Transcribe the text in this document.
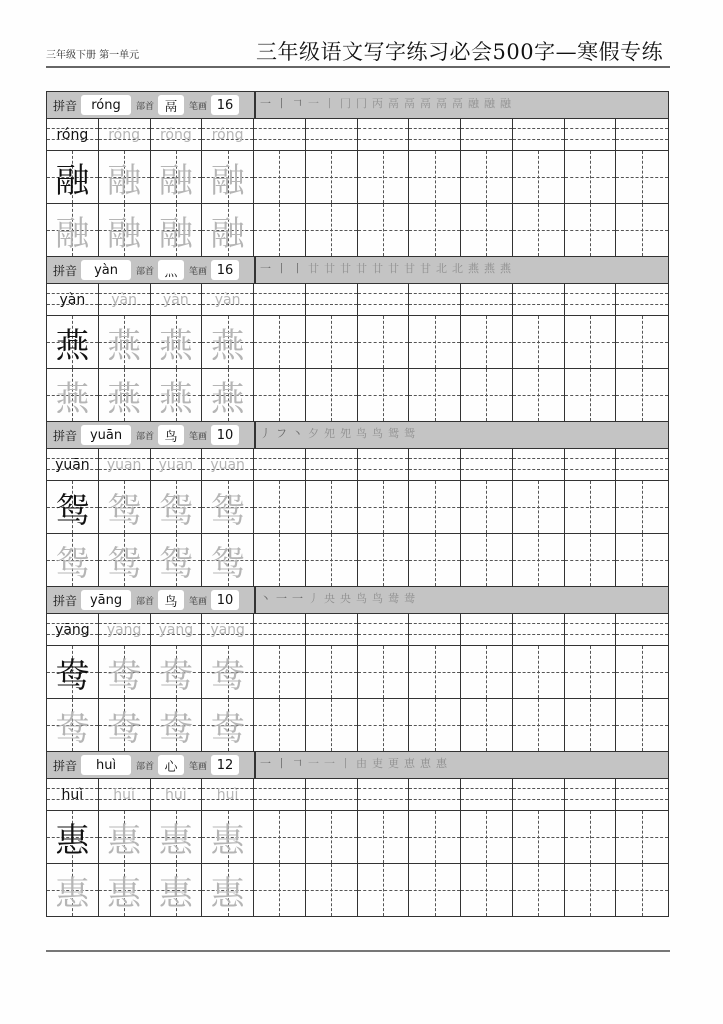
三年级下册 第一单元	三年级语文写字练习必会500字—寒假专练
拼音	róng	部首 鬲	笔画 16	一 丨 𠃍 一 丨 冂 冂 丙 鬲 鬲 鬲 鬲 鬲 融 融 融
róng róng róng róng
融 融 融 融
融 融 融 融
拼音	yàn	部首 灬	笔画 16	一 丨 丨 廿 廿 廿 廿 廿 廿 甘 甘 北 北 燕 燕 燕
yàn yàn yàn yàn
燕 燕 燕 燕
燕 燕 燕 燕
拼音 yuān	部首 鸟	笔画 10	丿 フ 丶 夕 夗 夗 鸟 鸟 鸳 鸳
yuān yuān yuān yuān
鸳 鸳 鸳 鸳
鸳 鸳 鸳 鸳
拼音 yāng	部首 鸟	笔画 10	丶 一 一 丿 央 央 鸟 鸟 鸯 鸯
yāng yāng yāng yāng
鸯 鸯 鸯 鸯
鸯 鸯 鸯 鸯
拼音	huì	部首 心	笔画 12	一 丨 𠃍 一 一 丨 由 吏 更 恵 恵 惠
huì huì huì huì
惠 惠 惠 惠
惠 惠 惠 惠
